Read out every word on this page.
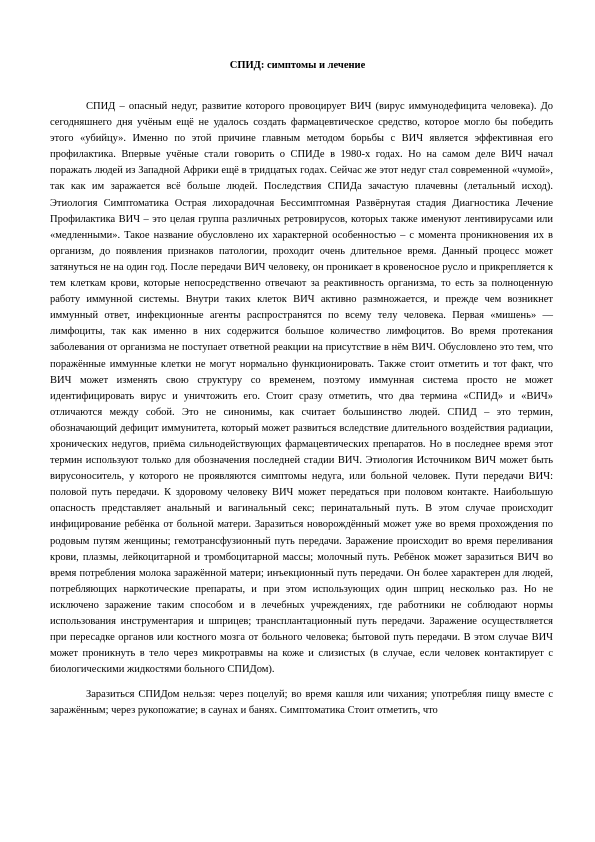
СПИД: симптомы и лечение

СПИД – опасный недуг, развитие которого провоцирует ВИЧ (вирус иммунодефицита человека). До сегодняшнего дня учёным ещё не удалось создать фармацевтическое средство, которое могло бы победить этого «убийцу». Именно по этой причине главным методом борьбы с ВИЧ является эффективная его профилактика. Впервые учёные стали говорить о СПИДе в 1980-х годах. Но на самом деле ВИЧ начал поражать людей из Западной Африки ещё в тридцатых годах. Сейчас же этот недуг стал современной «чумой», так как им заражается всё больше людей. Последствия СПИДа зачастую плачевны (летальный исход). Этиология Симптоматика Острая лихорадочная Бессимптомная Развёрнутая стадия Диагностика Лечение Профилактика ВИЧ – это целая группа различных ретровирусов, которых также именуют лентивирусами или «медленными». Такое название обусловлено их характерной особенностью – с момента проникновения их в организм, до появления признаков патологии, проходит очень длительное время. Данный процесс может затянуться не на один год. После передачи ВИЧ человеку, он проникает в кровеносное русло и прикрепляется к тем клеткам крови, которые непосредственно отвечают за реактивность организма, то есть за полноценную работу иммунной системы. Внутри таких клеток ВИЧ активно размножается, и прежде чем возникнет иммунный ответ, инфекционные агенты распространятся по всему телу человека. Первая «мишень» — лимфоциты, так как именно в них содержится большое количество лимфоцитов. Во время протекания заболевания от организма не поступает ответной реакции на присутствие в нём ВИЧ. Обусловлено это тем, что поражённые иммунные клетки не могут нормально функционировать. Также стоит отметить и тот факт, что ВИЧ может изменять свою структуру со временем, поэтому иммунная система просто не может идентифицировать вирус и уничтожить его. Стоит сразу отметить, что два термина «СПИД» и «ВИЧ» отличаются между собой. Это не синонимы, как считает большинство людей. СПИД – это термин, обозначающий дефицит иммунитета, который может развиться вследствие длительного воздействия радиации, хронических недугов, приёма сильнодействующих фармацевтических препаратов. Но в последнее время этот термин используют только для обозначения последней стадии ВИЧ. Этиология Источником ВИЧ может быть вирусоноситель, у которого не проявляются симптомы недуга, или больной человек. Пути передачи ВИЧ: половой путь передачи. К здоровому человеку ВИЧ может передаться при половом контакте. Наибольшую опасность представляет анальный и вагинальный секс; перинатальный путь. В этом случае происходит инфицирование ребёнка от больной матери. Заразиться новорождённый может уже во время прохождения по родовым путям женщины; гемотрансфузионный путь передачи. Заражение происходит во время переливания крови, плазмы, лейкоцитарной и тромбоцитарной массы; молочный путь. Ребёнок может заразиться ВИЧ во время потребления молока заражённой матери; инъекционный путь передачи. Он более характерен для людей, потребляющих наркотические препараты, и при этом использующих один шприц несколько раз. Но не исключено заражение таким способом и в лечебных учреждениях, где работники не соблюдают нормы использования инструментария и шприцев; трансплантационный путь передачи. Заражение осуществляется при пересадке органов или костного мозга от больного человека; бытовой путь передачи. В этом случае ВИЧ может проникнуть в тело через микротравмы на коже и слизистых (в случае, если человек контактирует с биологическими жидкостями больного СПИДом).

Заразиться СПИДом нельзя: через поцелуй; во время кашля или чихания; употребляя пищу вместе с заражённым; через рукопожатие; в саунах и банях. Симптоматика Стоит отметить, что
